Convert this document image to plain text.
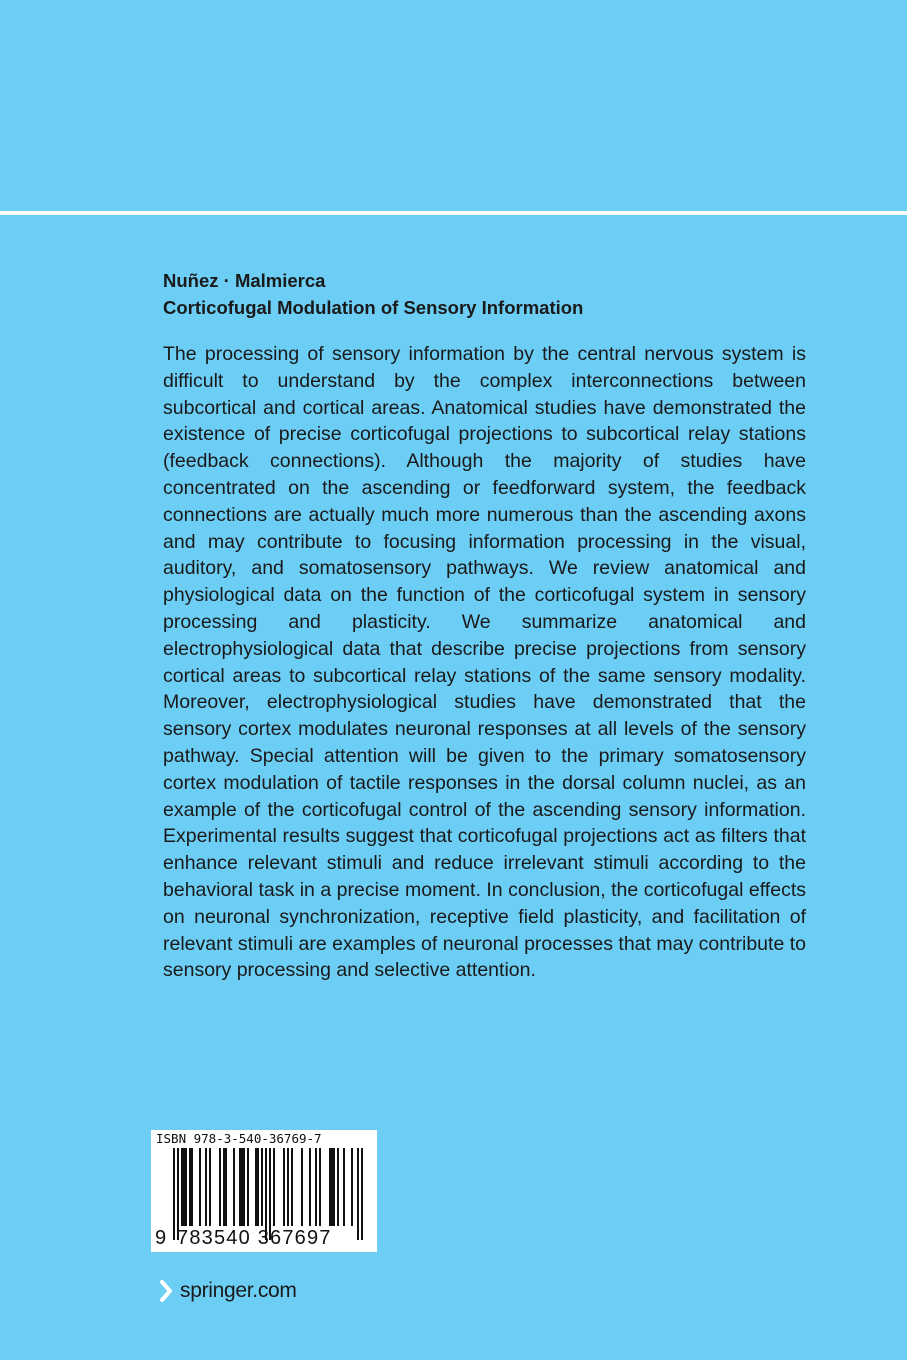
Nuñez · Malmierca
Corticofugal Modulation of Sensory Information

The processing of sensory information by the central nervous system is difficult to understand by the complex interconnections between subcortical and cortical areas. Anatomical studies have demonstrated the existence of precise corticofugal projections to subcortical relay stations (feedback connections). Although the majority of studies have concentrated on the ascending or feedforward system, the feedback connections are actually much more numerous than the ascending axons and may contribute to focusing information processing in the visual, auditory, and somatosensory pathways. We review anatomical and physiological data on the function of the corticofugal system in sensory processing and plasticity. We summarize anatomical and electrophysiological data that describe precise projections from sensory cortical areas to subcortical relay stations of the same sensory modality. Moreover, electrophysiological studies have demonstrated that the sensory cortex modulates neuronal responses at all levels of the sensory pathway. Special attention will be given to the primary somatosensory cortex modulation of tactile responses in the dorsal column nuclei, as an example of the corticofugal control of the ascending sensory information. Experimental results suggest that corticofugal projections act as filters that enhance relevant stimuli and reduce irrelevant stimuli according to the behavioral task in a precise moment. In conclusion, the corticofugal effects on neuronal synchronization, receptive field plasticity, and facilitation of relevant stimuli are examples of neuronal processes that may contribute to sensory processing and selective attention.

ISBN 978-3-540-36769-7
9 783540 367697
springer.com
